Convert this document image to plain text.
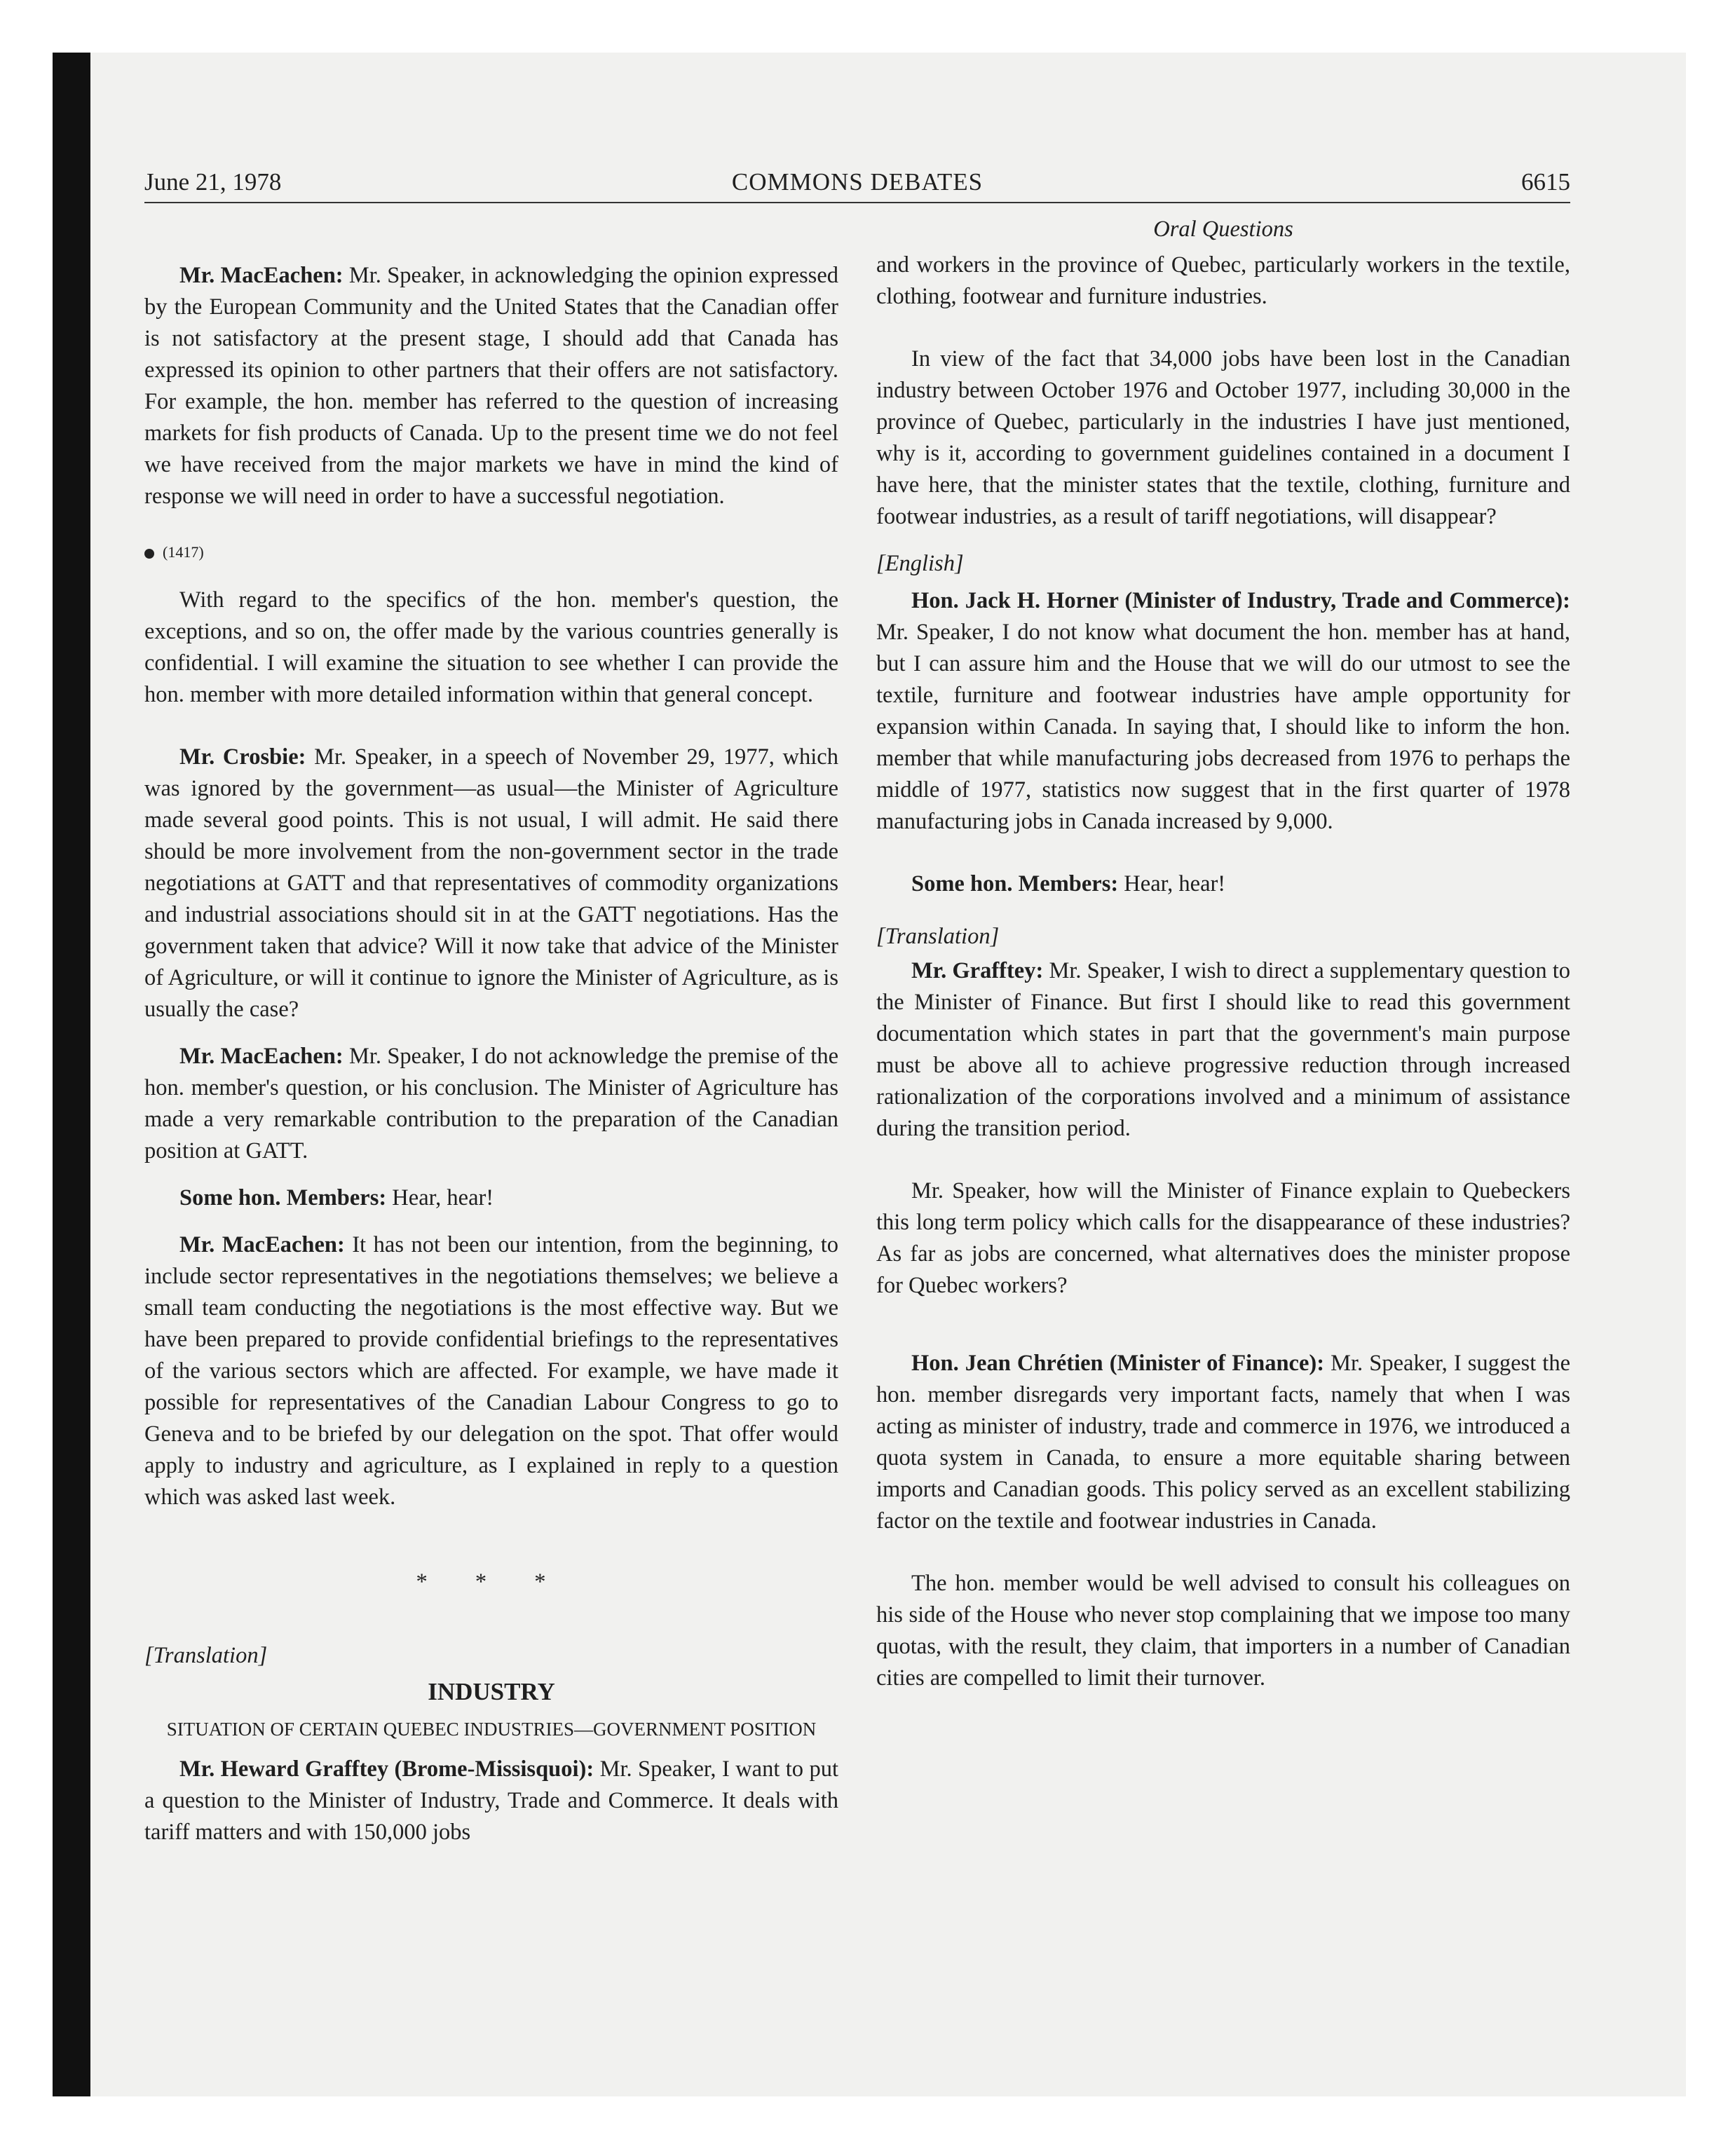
June 21, 1978	COMMONS DEBATES	6615

Mr. MacEachen: Mr. Speaker, in acknowledging the opinion expressed by the European Community and the United States that the Canadian offer is not satisfactory at the present stage, I should add that Canada has expressed its opinion to other partners that their offers are not satisfactory. For example, the hon. member has referred to the question of increasing markets for fish products of Canada. Up to the present time we do not feel we have received from the major markets we have in mind the kind of response we will need in order to have a successful negotiation.

(1417)

With regard to the specifics of the hon. member's question, the exceptions, and so on, the offer made by the various countries generally is confidential. I will examine the situation to see whether I can provide the hon. member with more detailed information within that general concept.

Mr. Crosbie: Mr. Speaker, in a speech of November 29, 1977, which was ignored by the government—as usual—the Minister of Agriculture made several good points. This is not usual, I will admit. He said there should be more involvement from the non-government sector in the trade negotiations at GATT and that representatives of commodity organizations and industrial associations should sit in at the GATT negotiations. Has the government taken that advice? Will it now take that advice of the Minister of Agriculture, or will it continue to ignore the Minister of Agriculture, as is usually the case?

Mr. MacEachen: Mr. Speaker, I do not acknowledge the premise of the hon. member's question, or his conclusion. The Minister of Agriculture has made a very remarkable contribution to the preparation of the Canadian position at GATT.

Some hon. Members: Hear, hear!

Mr. MacEachen: It has not been our intention, from the beginning, to include sector representatives in the negotiations themselves; we believe a small team conducting the negotiations is the most effective way. But we have been prepared to provide confidential briefings to the representatives of the various sectors which are affected. For example, we have made it possible for representatives of the Canadian Labour Congress to go to Geneva and to be briefed by our delegation on the spot. That offer would apply to industry and agriculture, as I explained in reply to a question which was asked last week.

* * *

[Translation]

INDUSTRY
SITUATION OF CERTAIN QUEBEC INDUSTRIES—GOVERNMENT POSITION

Mr. Heward Grafftey (Brome-Missisquoi): Mr. Speaker, I want to put a question to the Minister of Industry, Trade and Commerce. It deals with tariff matters and with 150,000 jobs

Oral Questions

and workers in the province of Quebec, particularly workers in the textile, clothing, footwear and furniture industries.

In view of the fact that 34,000 jobs have been lost in the Canadian industry between October 1976 and October 1977, including 30,000 in the province of Quebec, particularly in the industries I have just mentioned, why is it, according to government guidelines contained in a document I have here, that the minister states that the textile, clothing, furniture and footwear industries, as a result of tariff negotiations, will disappear?

[English]

Hon. Jack H. Horner (Minister of Industry, Trade and Commerce): Mr. Speaker, I do not know what document the hon. member has at hand, but I can assure him and the House that we will do our utmost to see the textile, furniture and footwear industries have ample opportunity for expansion within Canada. In saying that, I should like to inform the hon. member that while manufacturing jobs decreased from 1976 to perhaps the middle of 1977, statistics now suggest that in the first quarter of 1978 manufacturing jobs in Canada increased by 9,000.

Some hon. Members: Hear, hear!

[Translation]

Mr. Grafftey: Mr. Speaker, I wish to direct a supplementary question to the Minister of Finance. But first I should like to read this government documentation which states in part that the government's main purpose must be above all to achieve progressive reduction through increased rationalization of the corporations involved and a minimum of assistance during the transition period.

Mr. Speaker, how will the Minister of Finance explain to Quebeckers this long term policy which calls for the disappearance of these industries? As far as jobs are concerned, what alternatives does the minister propose for Quebec workers?

Hon. Jean Chrétien (Minister of Finance): Mr. Speaker, I suggest the hon. member disregards very important facts, namely that when I was acting as minister of industry, trade and commerce in 1976, we introduced a quota system in Canada, to ensure a more equitable sharing between imports and Canadian goods. This policy served as an excellent stabilizing factor on the textile and footwear industries in Canada.

The hon. member would be well advised to consult his colleagues on his side of the House who never stop complaining that we impose too many quotas, with the result, they claim, that importers in a number of Canadian cities are compelled to limit their turnover.
